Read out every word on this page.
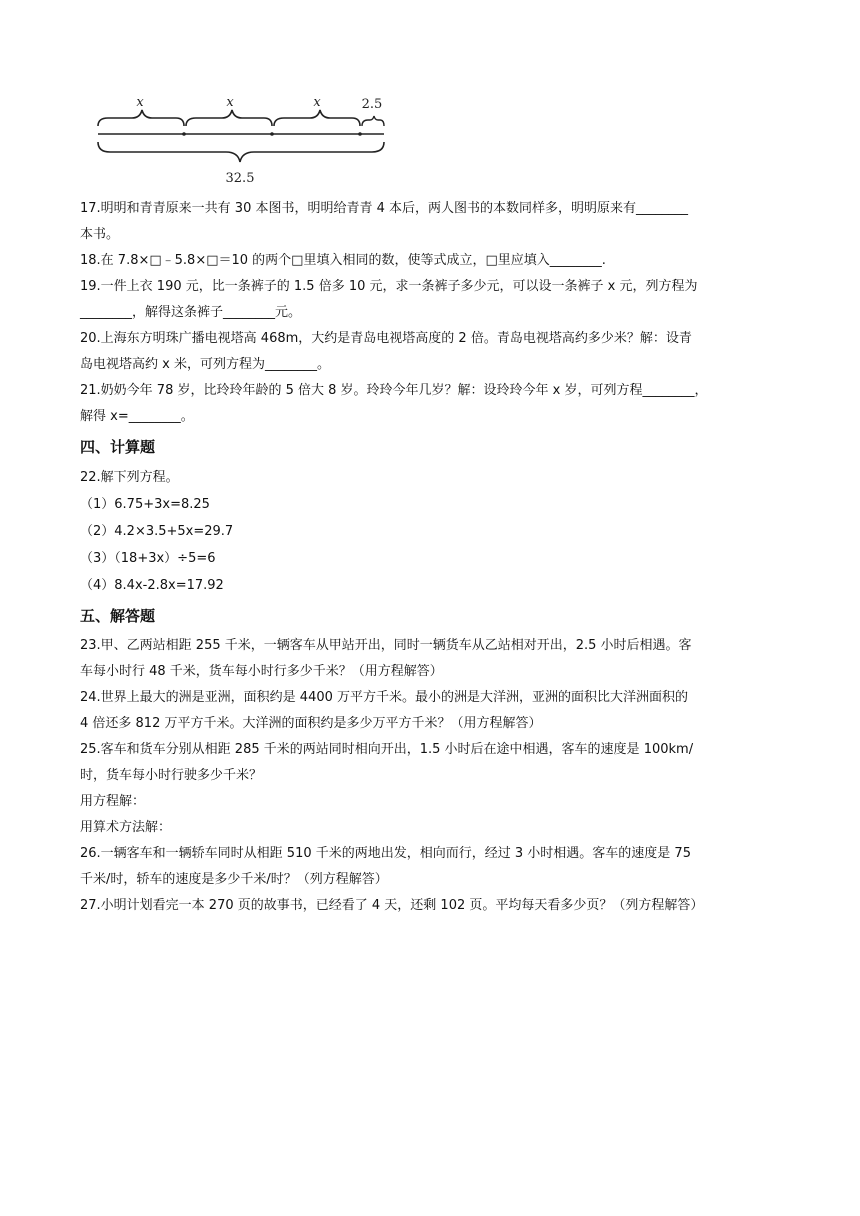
x	x	x	2.5
32.5

17.明明和青青原来一共有 30 本图书，明明给青青 4 本后，两人图书的本数同样多，明明原来有________
本书。

18.在 7.8×□﹣5.8×□＝10 的两个□里填入相同的数，使等式成立，□里应填入________.

19.一件上衣 190 元，比一条裤子的 1.5 倍多 10 元，求一条裤子多少元，可以设一条裤子 x 元，列方程为
________，解得这条裤子________元。

20.上海东方明珠广播电视塔高 468m，大约是青岛电视塔高度的 2 倍。青岛电视塔高约多少米？解：设青
岛电视塔高约 x 米，可列方程为________。

21.奶奶今年 78 岁，比玲玲年龄的 5 倍大 8 岁。玲玲今年几岁？解：设玲玲今年 x 岁，可列方程________，
解得 x=________。

四、计算题

22.解下列方程。

（1）6.75+3x=8.25

（2）4.2×3.5+5x=29.7

（3）（18+3x）÷5=6

（4）8.4x-2.8x=17.92

五、解答题

23.甲、乙两站相距 255 千米，一辆客车从甲站开出，同时一辆货车从乙站相对开出，2.5 小时后相遇。客
车每小时行 48 千米，货车每小时行多少千米？（用方程解答）

24.世界上最大的洲是亚洲，面积约是 4400 万平方千米。最小的洲是大洋洲，亚洲的面积比大洋洲面积的
4 倍还多 812 万平方千米。大洋洲的面积约是多少万平方千米？（用方程解答）

25.客车和货车分别从相距 285 千米的两站同时相向开出，1.5 小时后在途中相遇，客车的速度是 100km/
时，货车每小时行驶多少千米？
用方程解：
用算术方法解：

26.一辆客车和一辆轿车同时从相距 510 千米的两地出发，相向而行，经过 3 小时相遇。客车的速度是 75
千米/时，轿车的速度是多少千米/时？（列方程解答）

27.小明计划看完一本 270 页的故事书，已经看了 4 天，还剩 102 页。平均每天看多少页？（列方程解答）
